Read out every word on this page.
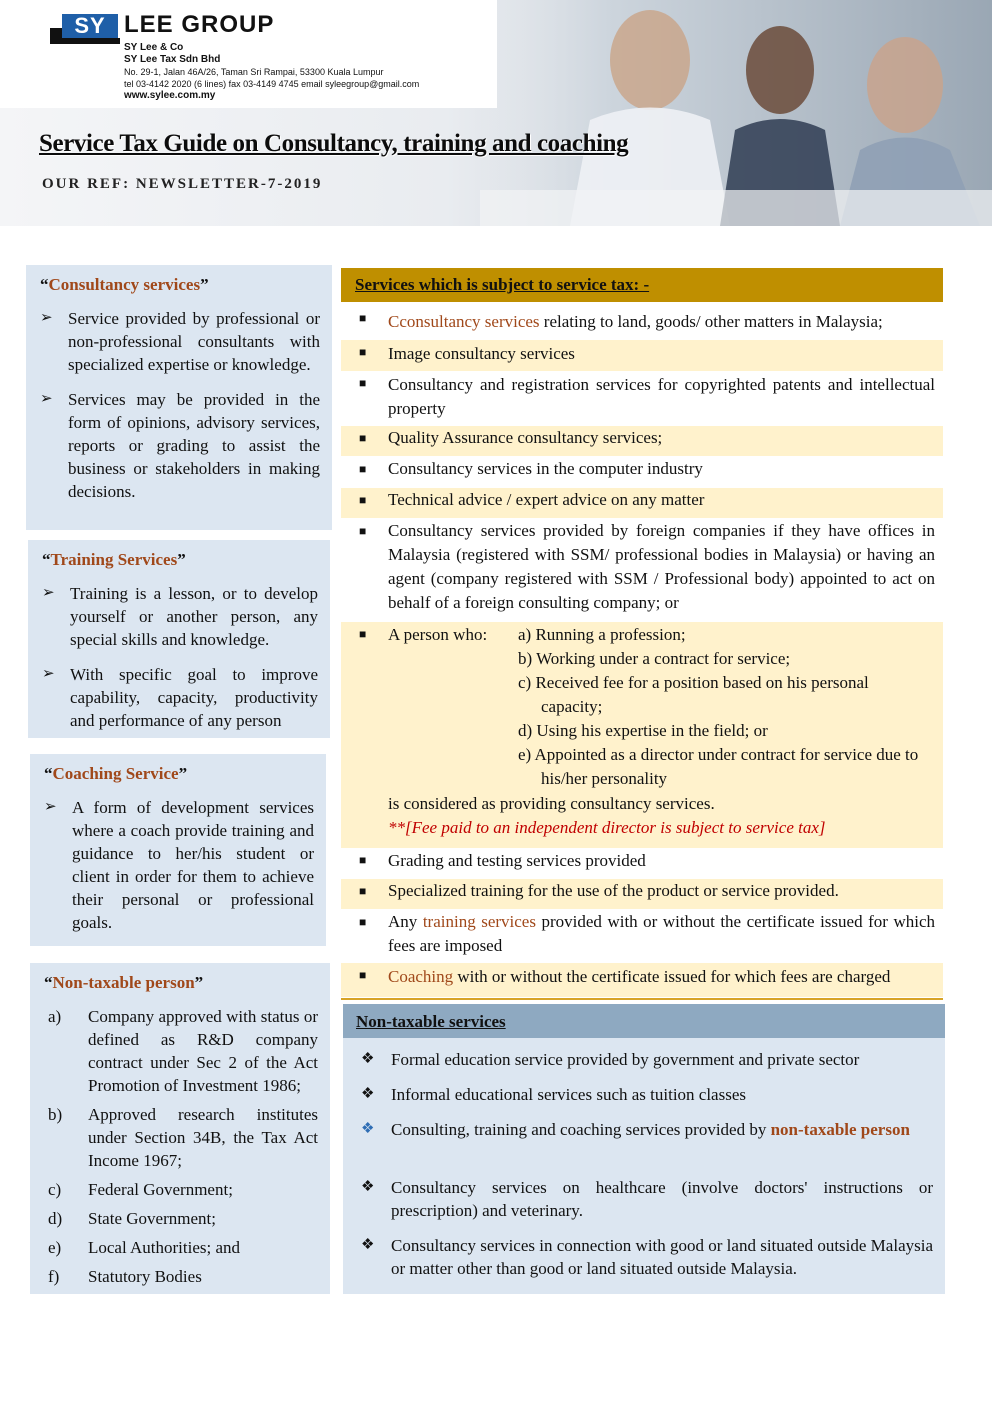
SY LEE GROUP
SY Lee & Co
SY Lee Tax Sdn Bhd
No. 29-1, Jalan 46A/26, Taman Sri Rampai, 53300 Kuala Lumpur
tel 03-4142 2020 (6 lines) fax 03-4149 4745 email syleegroup@gmail.com
www.sylee.com.my
Service Tax Guide on Consultancy, training and coaching
OUR REF: NEWSLETTER-7-2019
“Consultancy services”
➢ Service provided by professional or non-professional consultants with specialized expertise or knowledge.
➢ Services may be provided in the form of opinions, advisory services, reports or grading to assist the business or stakeholders in making decisions.
“Training Services”
➢ Training is a lesson, or to develop yourself or another person, any special skills and knowledge.
➢ With specific goal to improve capability, capacity, productivity and performance of any person
“Coaching Service”
➢ A form of development services where a coach provide training and guidance to her/his student or client in order for them to achieve their personal or professional goals.
“Non-taxable person”
a) Company approved with status or defined as R&D company contract under Sec 2 of the Act Promotion of Investment 1986;
b) Approved research institutes under Section 34B, the Tax Act Income 1967;
c) Federal Government;
d) State Government;
e) Local Authorities; and
f) Statutory Bodies
Services which is subject to service tax: -
■ Cconsultancy services relating to land, goods/ other matters in Malaysia;
■ Image consultancy services
■ Consultancy and registration services for copyrighted patents and intellectual property
■ Quality Assurance consultancy services;
■ Consultancy services in the computer industry
■ Technical advice / expert advice on any matter
■ Consultancy services provided by foreign companies if they have offices in Malaysia (registered with SSM/ professional bodies in Malaysia) or having an agent (company registered with SSM / Professional body) appointed to act on behalf of a foreign consulting company; or
■ A person who: a) Running a profession;
b) Working under a contract for service;
c) Received fee for a position based on his personal capacity;
d) Using his expertise in the field; or
e) Appointed as a director under contract for service due to his/her personality
is considered as providing consultancy services.
**[Fee paid to an independent director is subject to service tax]
■ Grading and testing services provided
■ Specialized training for the use of the product or service provided.
■ Any training services provided with or without the certificate issued for which fees are imposed
■ Coaching with or without the certificate issued for which fees are charged
Non-taxable services
❖ Formal education service provided by government and private sector
❖ Informal educational services such as tuition classes
❖ Consulting, training and coaching services provided by non-taxable person
❖ Consultancy services on healthcare (involve doctors' instructions or prescription) and veterinary.
❖ Consultancy services in connection with good or land situated outside Malaysia or matter other than good or land situated outside Malaysia.
